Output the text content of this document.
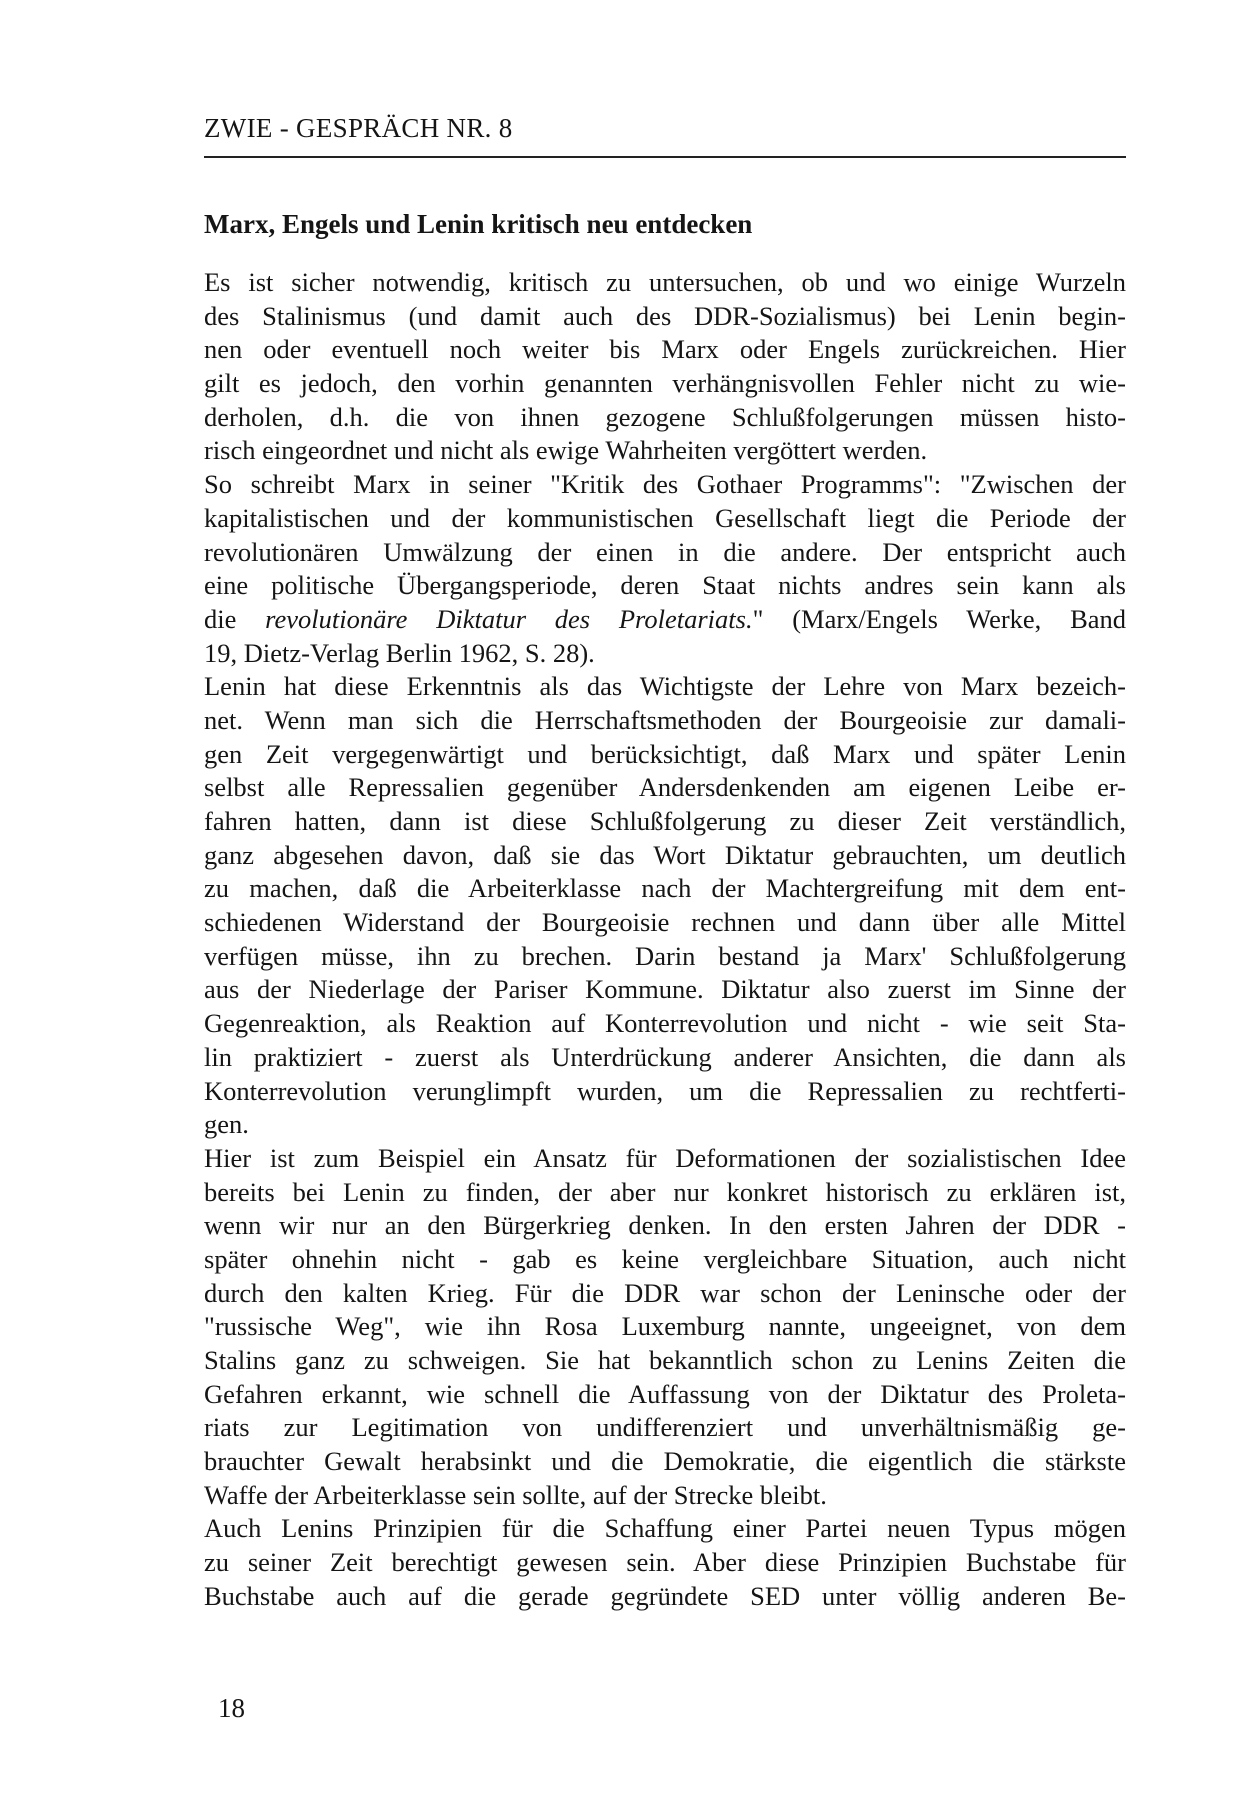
ZWIE - GESPRÄCH NR. 8
Marx, Engels und Lenin kritisch neu entdecken
Es ist sicher notwendig, kritisch zu untersuchen, ob und wo einige Wurzeln
des Stalinismus (und damit auch des DDR-Sozialismus) bei Lenin begin-
nen oder eventuell noch weiter bis Marx oder Engels zurückreichen. Hier
gilt es jedoch, den vorhin genannten verhängnisvollen Fehler nicht zu wie-
derholen, d.h. die von ihnen gezogene Schlußfolgerungen müssen histo-
risch eingeordnet und nicht als ewige Wahrheiten vergöttert werden.
So schreibt Marx in seiner "Kritik des Gothaer Programms": "Zwischen der
kapitalistischen und der kommunistischen Gesellschaft liegt die Periode der
revolutionären Umwälzung der einen in die andere. Der entspricht auch
eine politische Übergangsperiode, deren Staat nichts andres sein kann als
die revolutionäre Diktatur des Proletariats." (Marx/Engels Werke, Band
19, Dietz-Verlag Berlin 1962, S. 28).
Lenin hat diese Erkenntnis als das Wichtigste der Lehre von Marx bezeich-
net. Wenn man sich die Herrschaftsmethoden der Bourgeoisie zur damali-
gen Zeit vergegenwärtigt und berücksichtigt, daß Marx und später Lenin
selbst alle Repressalien gegenüber Andersdenkenden am eigenen Leibe er-
fahren hatten, dann ist diese Schlußfolgerung zu dieser Zeit verständlich,
ganz abgesehen davon, daß sie das Wort Diktatur gebrauchten, um deutlich
zu machen, daß die Arbeiterklasse nach der Machtergreifung mit dem ent-
schiedenen Widerstand der Bourgeoisie rechnen und dann über alle Mittel
verfügen müsse, ihn zu brechen. Darin bestand ja Marx' Schlußfolgerung
aus der Niederlage der Pariser Kommune. Diktatur also zuerst im Sinne der
Gegenreaktion, als Reaktion auf Konterrevolution und nicht - wie seit Sta-
lin praktiziert - zuerst als Unterdrückung anderer Ansichten, die dann als
Konterrevolution verunglimpft wurden, um die Repressalien zu rechtferti-
gen.
Hier ist zum Beispiel ein Ansatz für Deformationen der sozialistischen Idee
bereits bei Lenin zu finden, der aber nur konkret historisch zu erklären ist,
wenn wir nur an den Bürgerkrieg denken. In den ersten Jahren der DDR -
später ohnehin nicht - gab es keine vergleichbare Situation, auch nicht
durch den kalten Krieg. Für die DDR war schon der Leninsche oder der
"russische Weg", wie ihn Rosa Luxemburg nannte, ungeeignet, von dem
Stalins ganz zu schweigen. Sie hat bekanntlich schon zu Lenins Zeiten die
Gefahren erkannt, wie schnell die Auffassung von der Diktatur des Proleta-
riats zur Legitimation von undifferenziert und unverhältnismäßig ge-
brauchter Gewalt herabsinkt und die Demokratie, die eigentlich die stärkste
Waffe der Arbeiterklasse sein sollte, auf der Strecke bleibt.
Auch Lenins Prinzipien für die Schaffung einer Partei neuen Typus mögen
zu seiner Zeit berechtigt gewesen sein. Aber diese Prinzipien Buchstabe für
Buchstabe auch auf die gerade gegründete SED unter völlig anderen Be-
18
